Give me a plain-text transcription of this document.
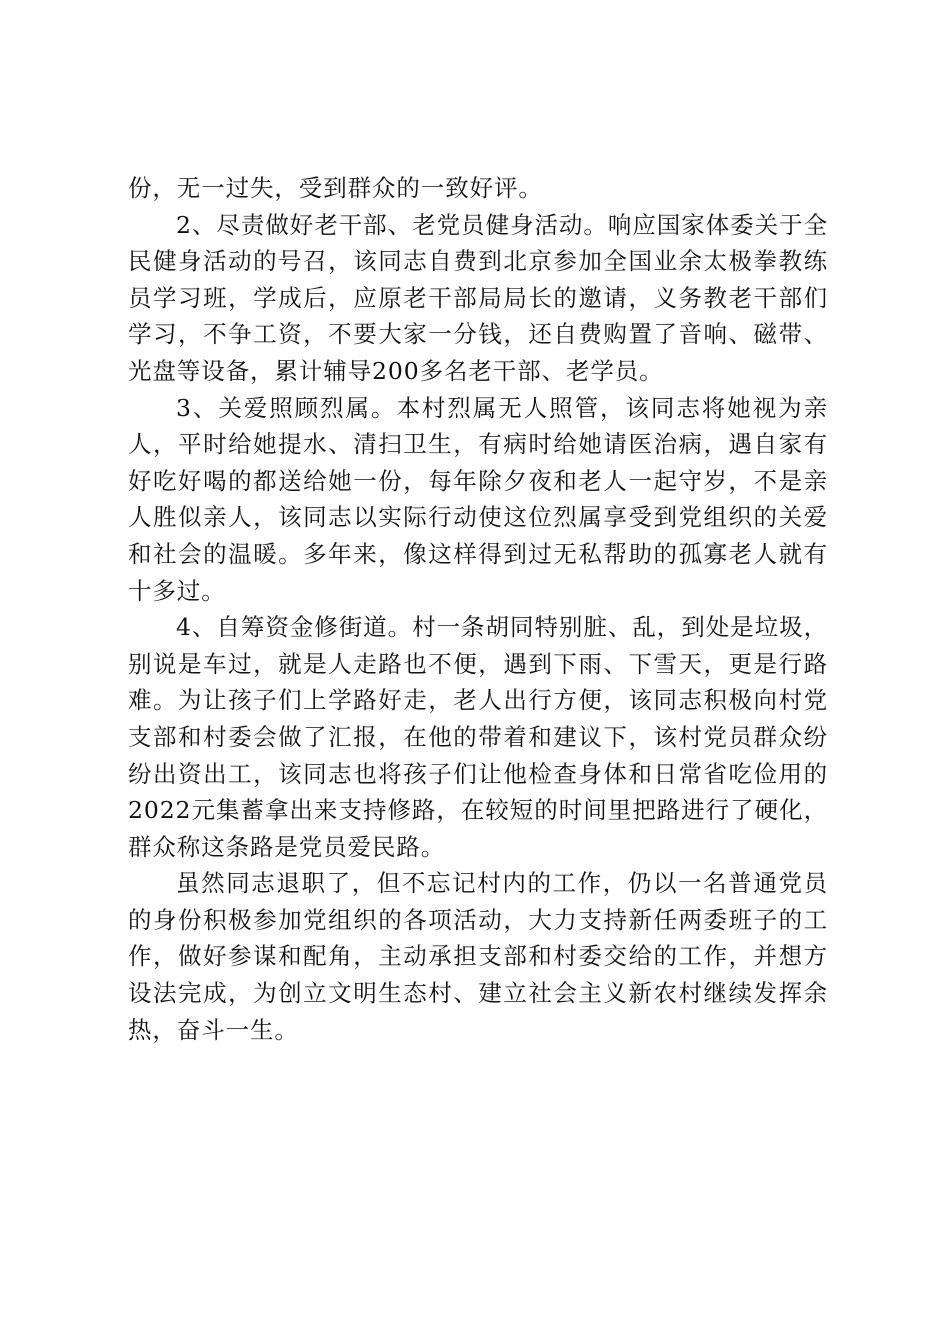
份，无一过失，受到群众的一致好评。

2、尽责做好老干部、老党员健身活动。响应国家体委关于全民健身活动的号召，该同志自费到北京参加全国业余太极拳教练员学习班，学成后，应原老干部局局长的邀请，义务教老干部们学习，不争工资，不要大家一分钱，还自费购置了音响、磁带、光盘等设备，累计辅导200多名老干部、老学员。

3、关爱照顾烈属。本村烈属无人照管，该同志将她视为亲人，平时给她提水、清扫卫生，有病时给她请医治病，遇自家有好吃好喝的都送给她一份，每年除夕夜和老人一起守岁，不是亲人胜似亲人，该同志以实际行动使这位烈属享受到党组织的关爱和社会的温暖。多年来，像这样得到过无私帮助的孤寡老人就有十多过。

4、自筹资金修街道。村一条胡同特别脏、乱，到处是垃圾，别说是车过，就是人走路也不便，遇到下雨、下雪天，更是行路难。为让孩子们上学路好走，老人出行方便，该同志积极向村党支部和村委会做了汇报，在他的带着和建议下，该村党员群众纷纷出资出工，该同志也将孩子们让他检查身体和日常省吃俭用的2022元集蓄拿出来支持修路，在较短的时间里把路进行了硬化，群众称这条路是党员爱民路。

虽然同志退职了，但不忘记村内的工作，仍以一名普通党员的身份积极参加党组织的各项活动，大力支持新任两委班子的工作，做好参谋和配角，主动承担支部和村委交给的工作，并想方设法完成，为创立文明生态村、建立社会主义新农村继续发挥余热，奋斗一生。
